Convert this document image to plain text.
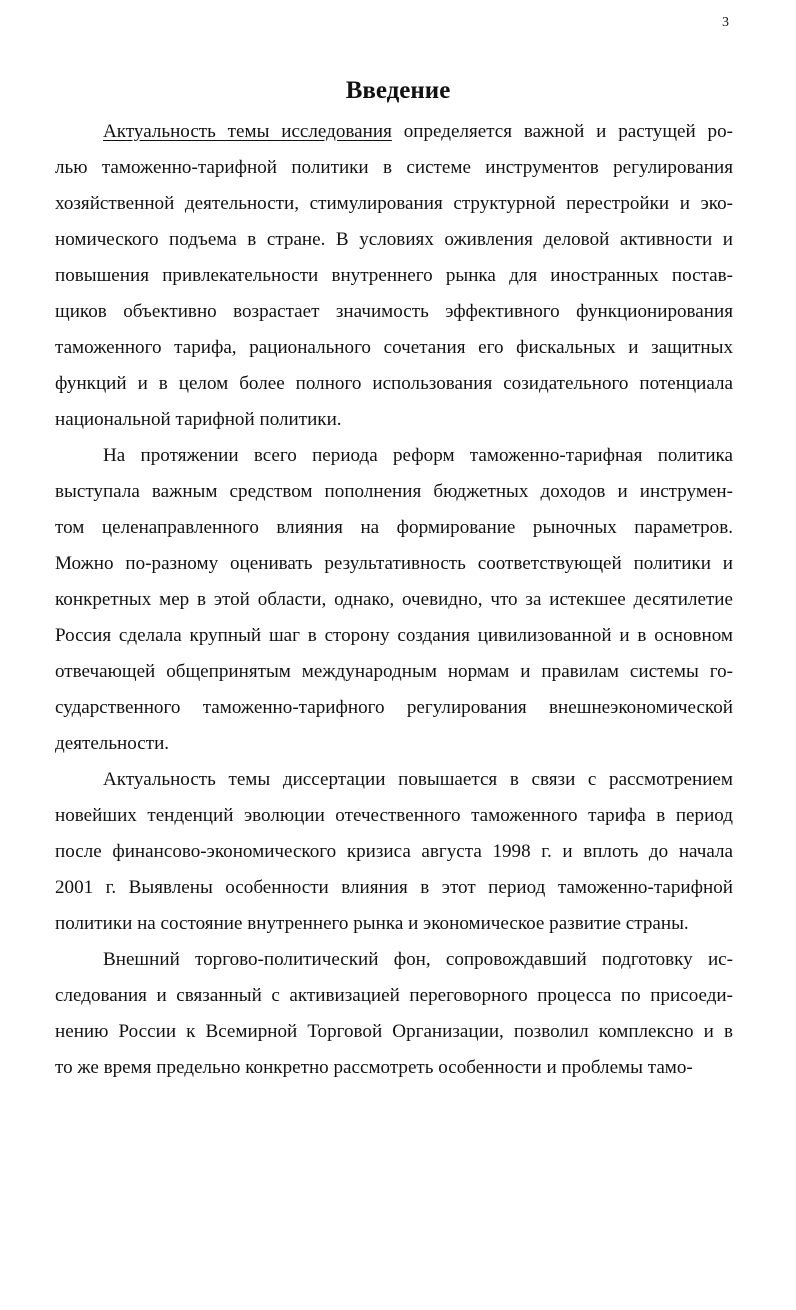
3
Введение
Актуальность темы исследования определяется важной и растущей ро-
лью таможенно-тарифной политики в системе инструментов регулирования
хозяйственной деятельности, стимулирования структурной перестройки и эко-
номического подъема в стране. В условиях оживления деловой активности и
повышения привлекательности внутреннего рынка для иностранных постав-
щиков объективно возрастает значимость эффективного функционирования
таможенного тарифа, рационального сочетания его фискальных и защитных
функций и в целом более полного использования созидательного потенциала
национальной тарифной политики.
На протяжении всего периода реформ таможенно-тарифная политика
выступала важным средством пополнения бюджетных доходов и инструмен-
том целенаправленного влияния на формирование рыночных параметров.
Можно по-разному оценивать результативность соответствующей политики и
конкретных мер в этой области, однако, очевидно, что за истекшее десятилетие
Россия сделала крупный шаг в сторону создания цивилизованной и в основном
отвечающей общепринятым международным нормам и правилам системы го-
сударственного таможенно-тарифного регулирования внешнеэкономической
деятельности.
Актуальность темы диссертации повышается в связи с рассмотрением
новейших тенденций эволюции отечественного таможенного тарифа в период
после финансово-экономического кризиса августа 1998 г. и вплоть до начала
2001 г. Выявлены особенности влияния в этот период таможенно-тарифной
политики на состояние внутреннего рынка и экономическое развитие страны.
Внешний торгово-политический фон, сопровождавший подготовку ис-
следования и связанный с активизацией переговорного процесса по присоеди-
нению России к Всемирной Торговой Организации, позволил комплексно и в
то же время предельно конкретно рассмотреть особенности и проблемы тамо-
